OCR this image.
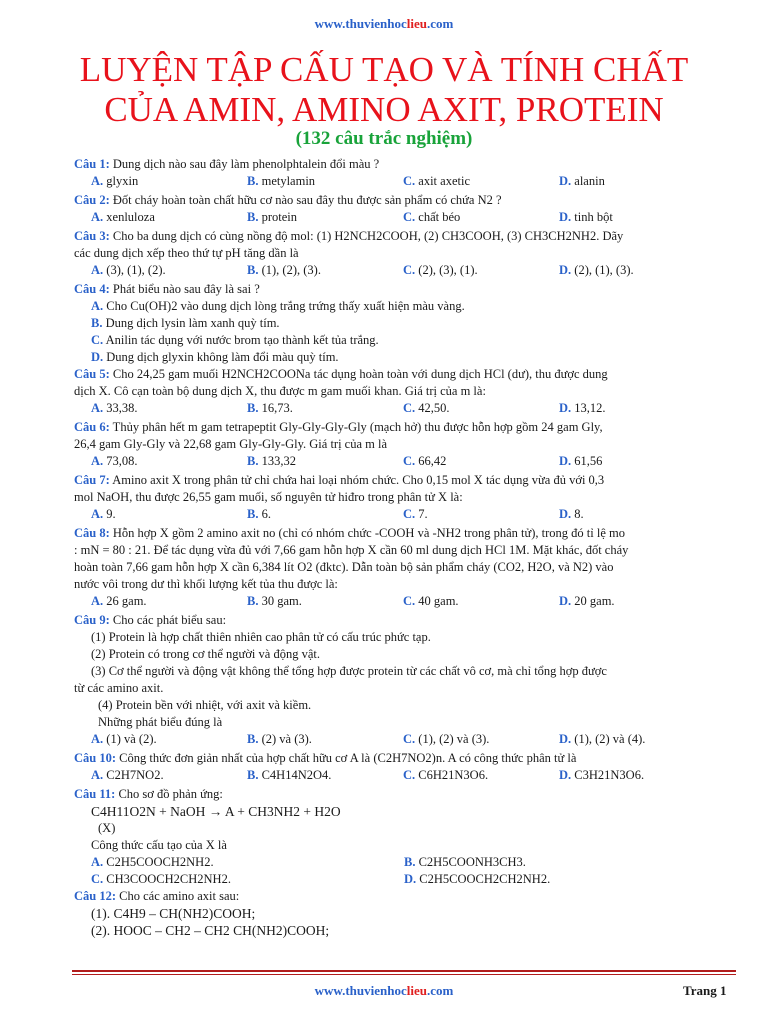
www.thuvienhoclieu.com
LUYỆN TẬP CẤU TẠO VÀ TÍNH CHẤT
CỦA AMIN, AMINO AXIT, PROTEIN
(132 câu trắc nghiệm)
Câu 1: Dung dịch nào sau đây làm phenolphtalein đổi màu ?
A. glyxin	B. metylamin	C. axit axetic	D. alanin
Câu 2: Đốt cháy hoàn toàn chất hữu cơ nào sau đây thu được sản phẩm có chứa N2 ?
A. xenluloza	B. protein	C. chất béo	D. tinh bột
Câu 3: Cho ba dung dịch có cùng nồng độ mol: (1) H2NCH2COOH, (2) CH3COOH, (3) CH3CH2NH2. Dãy
các dung dịch xếp theo thứ tự pH tăng dần là
A. (3), (1), (2).	B. (1), (2), (3).	C. (2), (3), (1).	D. (2), (1), (3).
Câu 4: Phát biểu nào sau đây là sai ?
A. Cho Cu(OH)2 vào dung dịch lòng trắng trứng thấy xuất hiện màu vàng.
B. Dung dịch lysin làm xanh quỳ tím.
C. Anilin tác dụng với nước brom tạo thành kết tủa trắng.
D. Dung dịch glyxin không làm đổi màu quỳ tím.
Câu 5: Cho 24,25 gam muối H2NCH2COONa tác dụng hoàn toàn với dung dịch HCl (dư), thu được dung
dịch X. Cô cạn toàn bộ dung dịch X, thu được m gam muối khan. Giá trị của m là:
A. 33,38.	B. 16,73.	C. 42,50.	D. 13,12.
Câu 6: Thủy phân hết m gam tetrapeptit Gly-Gly-Gly-Gly (mạch hở) thu được hỗn hợp gồm 24 gam Gly,
26,4 gam Gly-Gly và 22,68 gam Gly-Gly-Gly. Giá trị của m là
A. 73,08.	B. 133,32	C. 66,42	D. 61,56
Câu 7: Amino axit X trong phân tử chỉ chứa hai loại nhóm chức. Cho 0,15 mol X tác dụng vừa đủ với 0,3
mol NaOH, thu được 26,55 gam muối, số nguyên tử hiđro trong phân tử X là:
A. 9.	B. 6.	C. 7.	D. 8.
Câu 8: Hỗn hợp X gồm 2 amino axit no (chỉ có nhóm chức -COOH và -NH2 trong phân tử), trong đó tỉ lệ mo
: mN = 80 : 21. Để tác dụng vừa đủ với 7,66 gam hỗn hợp X cần 60 ml dung dịch HCl 1M. Mặt khác, đốt cháy
hoàn toàn 7,66 gam hỗn hợp X cần 6,384 lít O2 (đktc). Dẫn toàn bộ sản phẩm cháy (CO2, H2O, và N2) vào
nước vôi trong dư thì khối lượng kết tủa thu được là:
A. 26 gam.	B. 30 gam.	C. 40 gam.	D. 20 gam.
Câu 9: Cho các phát biểu sau:
(1) Protein là hợp chất thiên nhiên cao phân tử có cấu trúc phức tạp.
(2) Protein có trong cơ thể người và động vật.
(3) Cơ thể người và động vật không thể tổng hợp được protein từ các chất vô cơ, mà chỉ tổng hợp được
từ các amino axit.
(4) Protein bền với nhiệt, với axit và kiềm.
Những phát biểu đúng là
A. (1) và (2).	B. (2) và (3).	C. (1), (2) và (3).	D. (1), (2) và (4).
Câu 10: Công thức đơn giản nhất của hợp chất hữu cơ A là (C2H7NO2)n. A có công thức phân tử là
A. C2H7NO2.	B. C4H14N2O4.	C. C6H21N3O6.	D. C3H21N3O6.
Câu 11: Cho sơ đồ phản ứng:
C4H11O2N + NaOH → A + CH3NH2 + H2O
(X)
Công thức cấu tạo của X là
A. C2H5COOCH2NH2.	B. C2H5COONH3CH3.
C. CH3COOCH2CH2NH2.	D. C2H5COOCH2CH2NH2.
Câu 12: Cho các amino axit sau:
(1). C4H9 – CH(NH2)COOH;
(2). HOOC – CH2 – CH2 CH(NH2)COOH;
www.thuvienhoclieu.com	Trang 1
